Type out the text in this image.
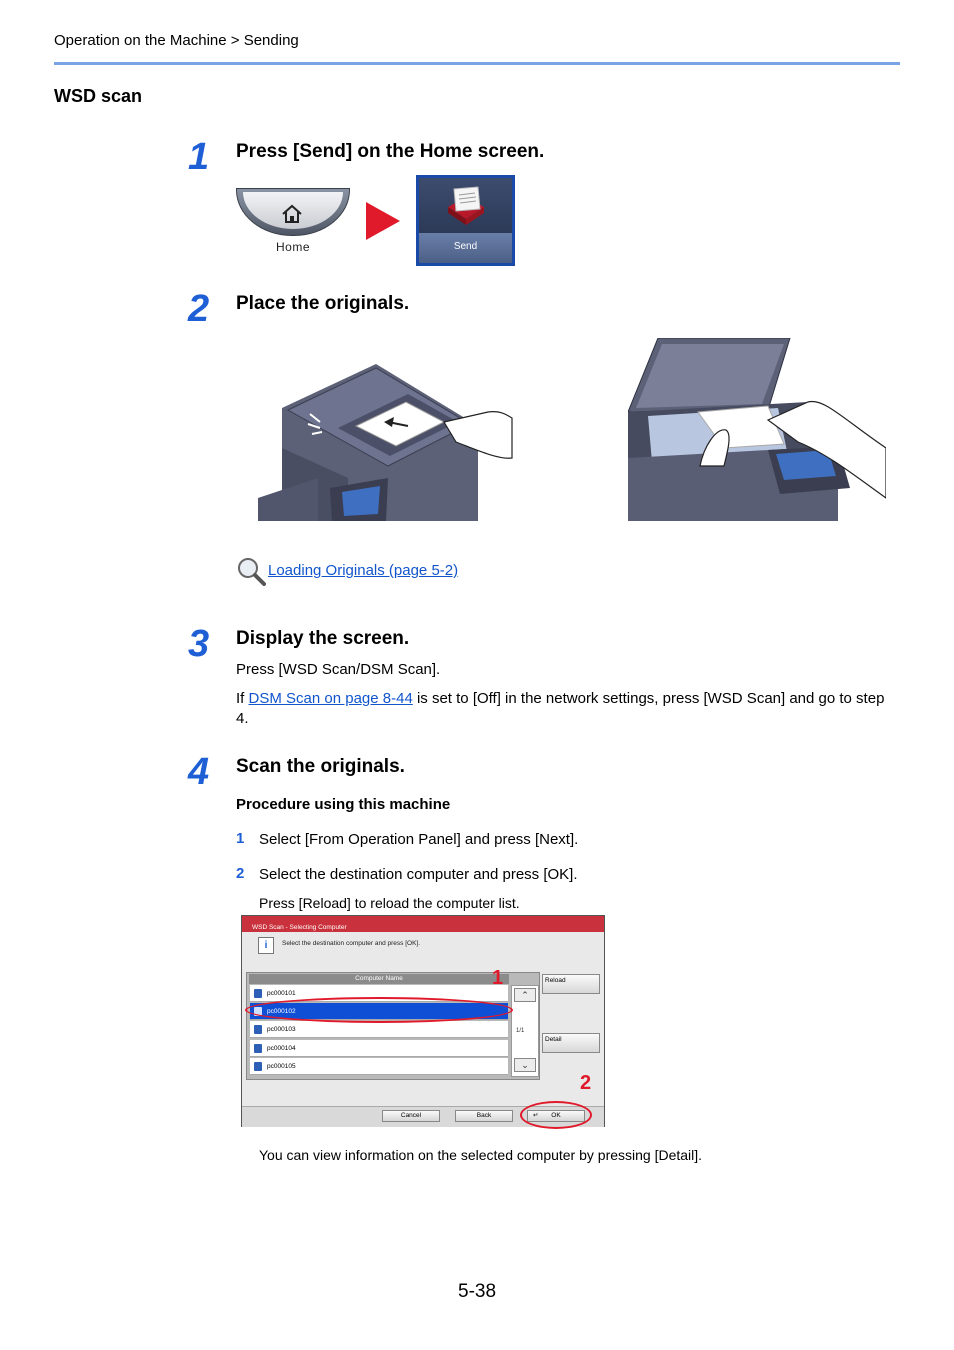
Operation on the Machine > Sending
WSD scan
1 Press [Send] on the Home screen.
Home	Send
2 Place the originals.
Loading Originals (page 5-2)
3 Display the screen.
Press [WSD Scan/DSM Scan].
If DSM Scan on page 8-44 is set to [Off] in the network settings, press [WSD Scan] and go to step 4.
4 Scan the originals.
Procedure using this machine
1 Select [From Operation Panel] and press [Next].
2 Select the destination computer and press [OK].
Press [Reload] to reload the computer list.
WSD Scan - Selecting Computer
i	Select the destination computer and press [OK].
Computer Name
pc000101
pc000102
pc000103
pc000104
pc000105
⌃
1/1
⌄
Reload
Detail
Cancel	Back	↵ OK
1
2
You can view information on the selected computer by pressing [Detail].
5-38
